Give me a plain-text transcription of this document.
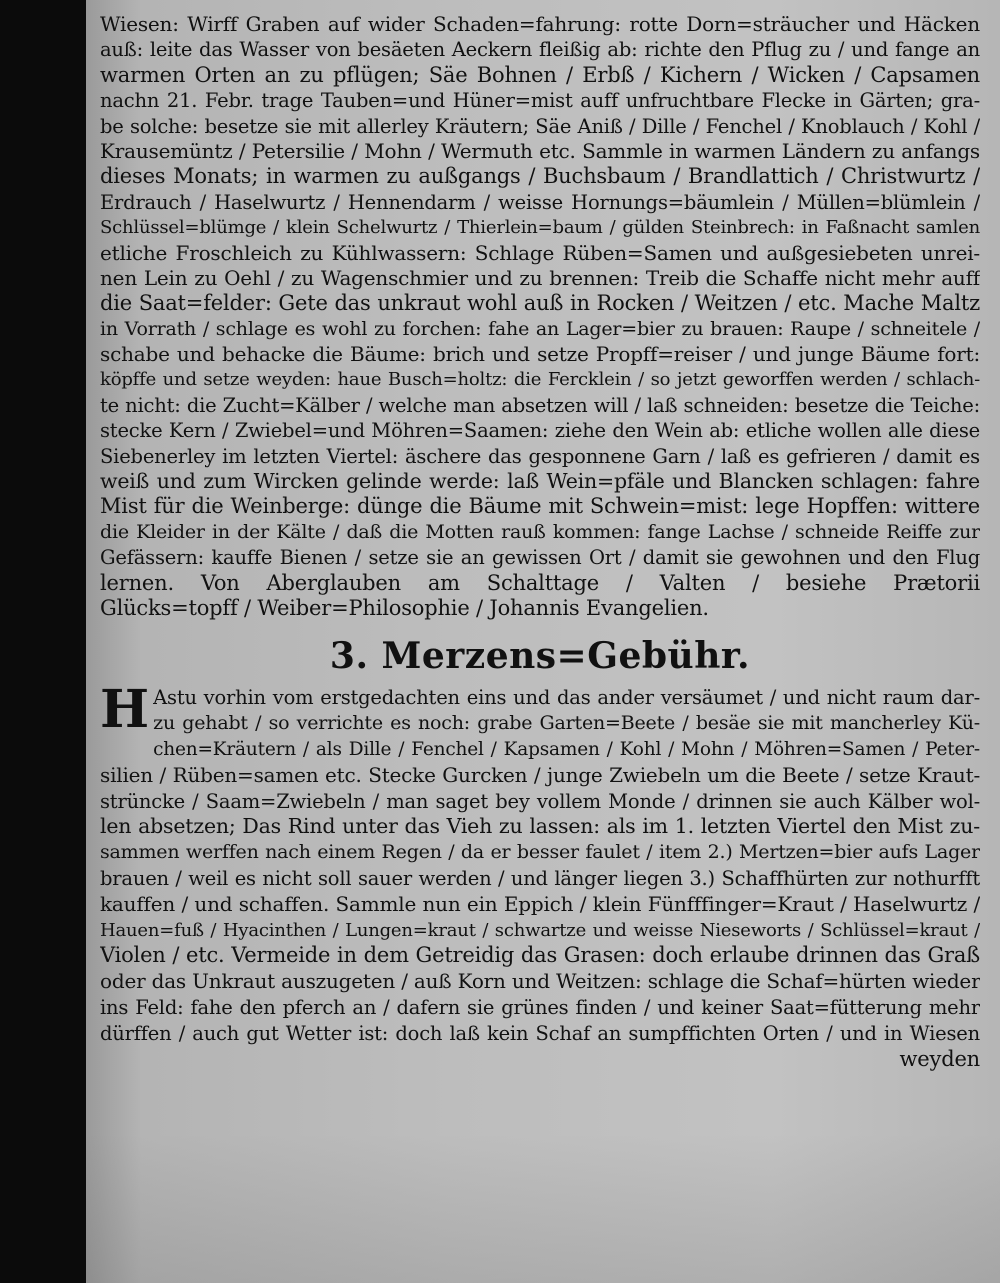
Wiesen: Wirff Graben auf wider Schaden=fahrung: rotte Dorn=sträucher und Häcken
auß: leite das Wasser von besäeten Aeckern fleißig ab: richte den Pflug zu / und fange an
warmen Orten an zu pflügen; Säe Bohnen / Erbß / Kichern / Wicken / Capsamen
nachn 21. Febr. trage Tauben=und Hüner=mist auff unfruchtbare Flecke in Gärten; gra-
be solche: besetze sie mit allerley Kräutern; Säe Aniß / Dille / Fenchel / Knoblauch / Kohl /
Krausemüntz / Petersilie / Mohn / Wermuth etc. Sammle in warmen Ländern zu anfangs
dieses Monats; in warmen zu außgangs / Buchsbaum / Brandlattich / Christwurtz /
Erdrauch / Haselwurtz / Hennendarm / weisse Hornungs=bäumlein / Müllen=blümlein /
Schlüssel=blümge / klein Schelwurtz / Thierlein=baum / gülden Steinbrech: in Faßnacht samlen
etliche Froschleich zu Kühlwassern: Schlage Rüben=Samen und außgesiebeten unrei-
nen Lein zu Oehl / zu Wagenschmier und zu brennen: Treib die Schaffe nicht mehr auff
die Saat=felder: Gete das unkraut wohl auß in Rocken / Weitzen / etc. Mache Maltz
in Vorrath / schlage es wohl zu forchen: fahe an Lager=bier zu brauen: Raupe / schneitele /
schabe und behacke die Bäume: brich und setze Propff=reiser / und junge Bäume fort:
köpffe und setze weyden: haue Busch=holtz: die Fercklein / so jetzt geworffen werden / schlach-
te nicht: die Zucht=Kälber / welche man absetzen will / laß schneiden: besetze die Teiche:
stecke Kern / Zwiebel=und Möhren=Saamen: ziehe den Wein ab: etliche wollen alle diese
Siebenerley im letzten Viertel: äschere das gesponnene Garn / laß es gefrieren / damit es
weiß und zum Wircken gelinde werde: laß Wein=pfäle und Blancken schlagen: fahre
Mist für die Weinberge: dünge die Bäume mit Schwein=mist: lege Hopffen: wittere
die Kleider in der Kälte / daß die Motten rauß kommen: fange Lachse / schneide Reiffe zur
Gefässern: kauffe Bienen / setze sie an gewissen Ort / damit sie gewohnen und den Flug
lernen. Von Aberglauben am Schalttage / Valten / besiehe Prætorii
Glücks=topff / Weiber=Philosophie / Johannis Evangelien.
3. Merzens=Gebühr.
H Astu vorhin vom erstgedachten eins und das ander versäumet / und nicht raum dar-
zu gehabt / so verrichte es noch: grabe Garten=Beete / besäe sie mit mancherley Kü-
chen=Kräutern / als Dille / Fenchel / Kapsamen / Kohl / Mohn / Möhren=Samen / Peter-
silien / Rüben=samen etc. Stecke Gurcken / junge Zwiebeln um die Beete / setze Kraut-
strüncke / Saam=Zwiebeln / man saget bey vollem Monde / drinnen sie auch Kälber wol-
len absetzen; Das Rind unter das Vieh zu lassen: als im 1. letzten Viertel den Mist zu-
sammen werffen nach einem Regen / da er besser faulet / item 2.) Mertzen=bier aufs Lager
brauen / weil es nicht soll sauer werden / und länger liegen 3.) Schaffhürten zur nothurfft
kauffen / und schaffen. Sammle nun ein Eppich / klein Fünfffinger=Kraut / Haselwurtz /
Hauen=fuß / Hyacinthen / Lungen=kraut / schwartze und weisse Nieseworts / Schlüssel=kraut /
Violen / etc. Vermeide in dem Getreidig das Grasen: doch erlaube drinnen das Graß
oder das Unkraut auszugeten / auß Korn und Weitzen: schlage die Schaf=hürten wieder
ins Feld: fahe den pferch an / dafern sie grünes finden / und keiner Saat=fütterung mehr
dürffen / auch gut Wetter ist: doch laß kein Schaf an sumpffichten Orten / und in Wiesen
weyden
